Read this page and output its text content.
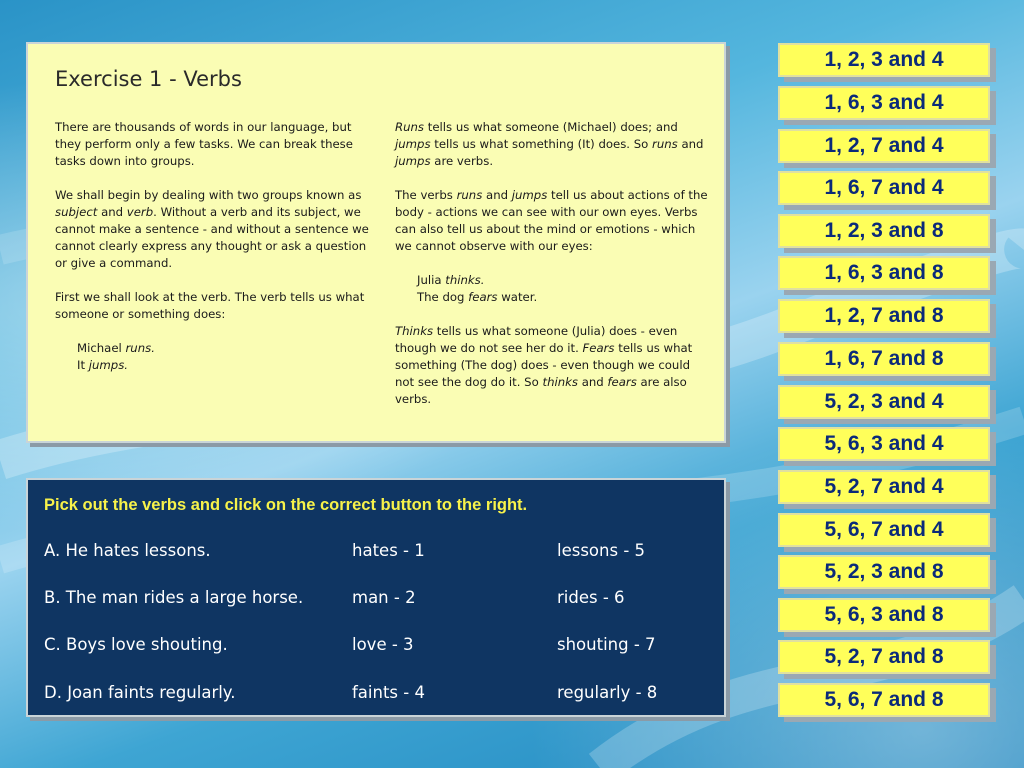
Exercise 1 - Verbs

There are thousands of words in our language, but they perform only a few tasks. We can break these tasks down into groups.

We shall begin by dealing with two groups known as subject and verb. Without a verb and its subject, we cannot make a sentence - and without a sentence we cannot clearly express any thought or ask a question or give a command.

First we shall look at the verb. The verb tells us what someone or something does:

Michael runs.
It jumps.

Runs tells us what someone (Michael) does; and jumps tells us what something (It) does. So runs and jumps are verbs.

The verbs runs and jumps tell us about actions of the body - actions we can see with our own eyes. Verbs can also tell us about the mind or emotions - which we cannot observe with our eyes:

Julia thinks.
The dog fears water.

Thinks tells us what someone (Julia) does - even though we do not see her do it. Fears tells us what something (The dog) does - even though we could not see the dog do it. So thinks and fears are also verbs.

Pick out the verbs and click on the correct button to the right.
A. He hates lessons.	hates - 1	lessons - 5
B. The man rides a large horse.	man - 2	rides - 6
C. Boys love shouting.	love - 3	shouting - 7
D. Joan faints regularly.	faints - 4	regularly - 8
1, 2, 3 and 4
1, 6, 3 and 4
1, 2, 7 and 4
1, 6, 7 and 4
1, 2, 3 and 8
1, 6, 3 and 8
1, 2, 7 and 8
1, 6, 7 and 8
5, 2, 3 and 4
5, 6, 3 and 4
5, 2, 7 and 4
5, 6, 7 and 4
5, 2, 3 and 8
5, 6, 3 and 8
5, 2, 7 and 8
5, 6, 7 and 8
